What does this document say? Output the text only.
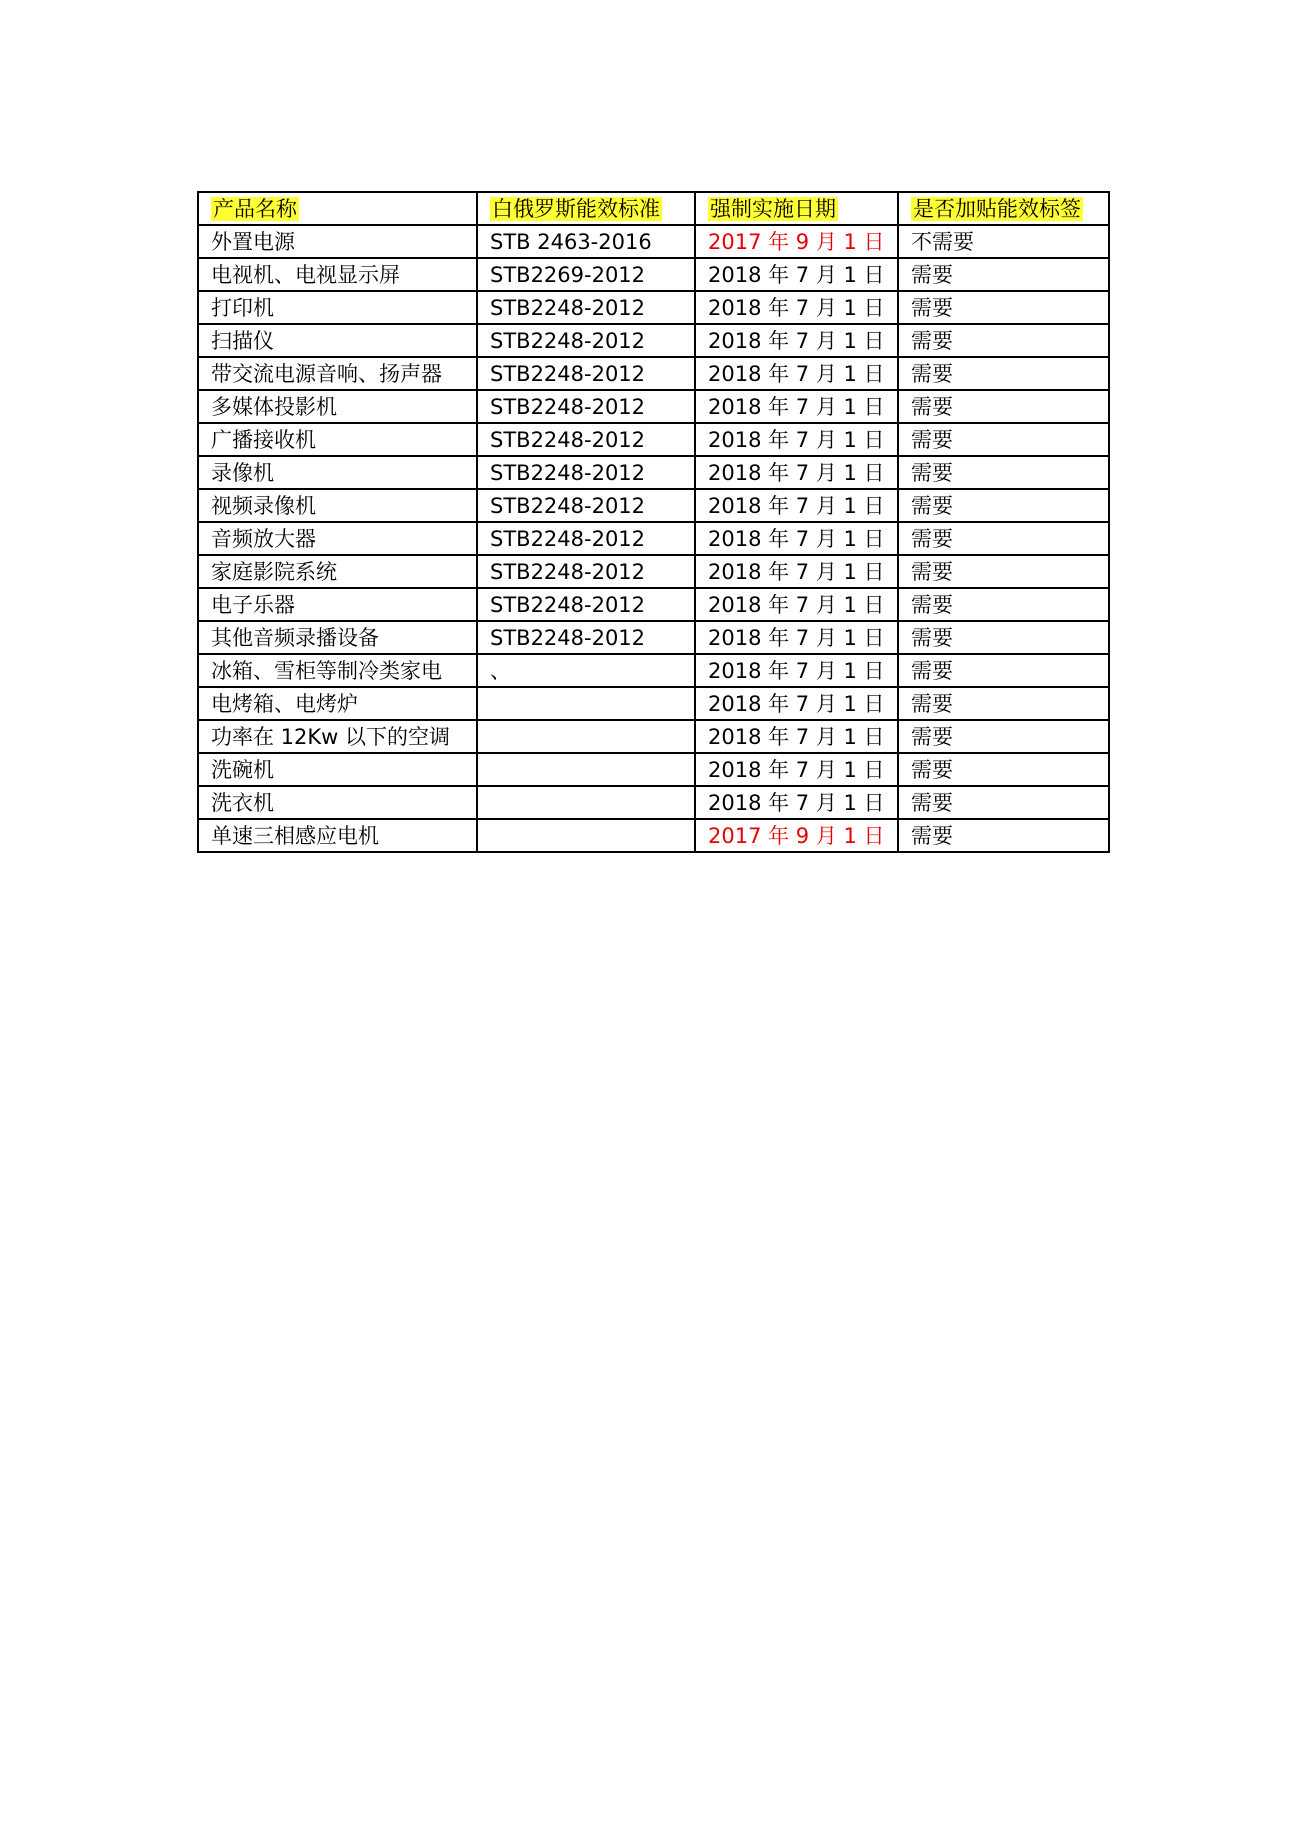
产品名称	白俄罗斯能效标准	强制实施日期	是否加贴能效标签
外置电源	STB 2463-2016	2017 年 9 月 1 日	不需要
电视机、电视显示屏	STB2269-2012	2018 年 7 月 1 日	需要
打印机	STB2248-2012	2018 年 7 月 1 日	需要
扫描仪	STB2248-2012	2018 年 7 月 1 日	需要
带交流电源音响、扬声器	STB2248-2012	2018 年 7 月 1 日	需要
多媒体投影机	STB2248-2012	2018 年 7 月 1 日	需要
广播接收机	STB2248-2012	2018 年 7 月 1 日	需要
录像机	STB2248-2012	2018 年 7 月 1 日	需要
视频录像机	STB2248-2012	2018 年 7 月 1 日	需要
音频放大器	STB2248-2012	2018 年 7 月 1 日	需要
家庭影院系统	STB2248-2012	2018 年 7 月 1 日	需要
电子乐器	STB2248-2012	2018 年 7 月 1 日	需要
其他音频录播设备	STB2248-2012	2018 年 7 月 1 日	需要
冰箱、雪柜等制冷类家电	、	2018 年 7 月 1 日	需要
电烤箱、电烤炉		2018 年 7 月 1 日	需要
功率在 12Kw 以下的空调		2018 年 7 月 1 日	需要
洗碗机		2018 年 7 月 1 日	需要
洗衣机		2018 年 7 月 1 日	需要
单速三相感应电机		2017 年 9 月 1 日	需要
